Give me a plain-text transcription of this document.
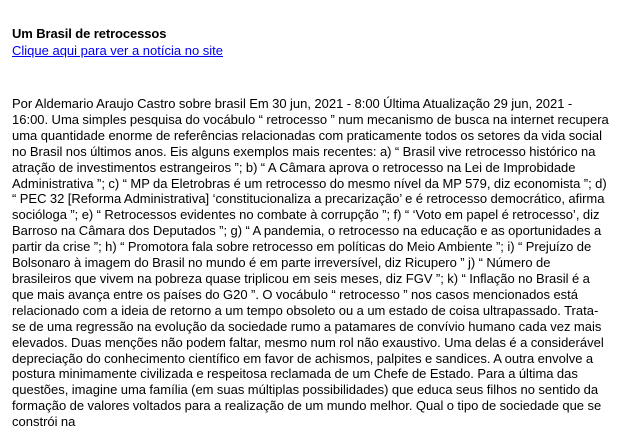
Um Brasil de retrocessos
Clique aqui para ver a notícia no site
Por Aldemario Araujo Castro sobre brasil Em 30 jun, 2021 - 8:00 Última Atualização 29 jun, 2021 - 16:00. Uma simples pesquisa do vocábulo “ retrocesso ” num mecanismo de busca na internet recupera uma quantidade enorme de referências relacionadas com praticamente todos os setores da vida social no Brasil nos últimos anos. Eis alguns exemplos mais recentes: a) “ Brasil vive retrocesso histórico na atração de investimentos estrangeiros ”; b) “ A Câmara aprova o retrocesso na Lei de Improbidade Administrativa ”; c) “ MP da Eletrobras é um retrocesso do mesmo nível da MP 579, diz economista ”; d) “ PEC 32 [Reforma Administrativa] ‘constitucionaliza a precarização’ e é retrocesso democrático, afirma socióloga ”; e) “ Retrocessos evidentes no combate à corrupção ”; f) “ ‘Voto em papel é retrocesso’, diz Barroso na Câmara dos Deputados ”; g) “ A pandemia, o retrocesso na educação e as oportunidades a partir da crise ”; h) “ Promotora fala sobre retrocesso em políticas do Meio Ambiente ”; i) “ Prejuízo de Bolsonaro à imagem do Brasil no mundo é em parte irreversível, diz Ricupero ” j) “ Número de brasileiros que vivem na pobreza quase triplicou em seis meses, diz FGV ”; k) “ Inflação no Brasil é a que mais avança entre os países do G20 ”. O vocábulo “ retrocesso ” nos casos mencionados está relacionado com a ideia de retorno a um tempo obsoleto ou a um estado de coisa ultrapassado. Trata-se de uma regressão na evolução da sociedade rumo a patamares de convívio humano cada vez mais elevados. Duas menções não podem faltar, mesmo num rol não exaustivo. Uma delas é a considerável depreciação do conhecimento científico em favor de achismos, palpites e sandices. A outra envolve a postura minimamente civilizada e respeitosa reclamada de um Chefe de Estado. Para a última das questões, imagine uma família (em suas múltiplas possibilidades) que educa seus filhos no sentido da formação de valores voltados para a realização de um mundo melhor. Qual o tipo de sociedade que se constrói na
